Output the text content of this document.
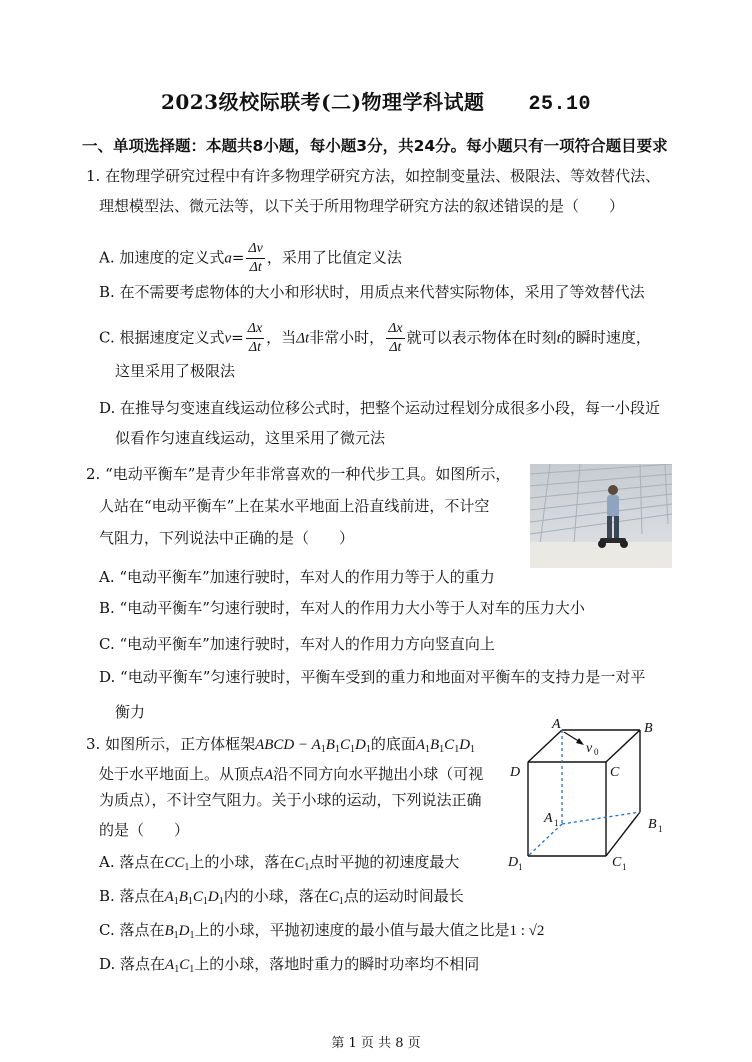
2023级校际联考(二)物理学科试题 25.10
一、单项选择题：本题共8小题，每小题3分，共24分。每小题只有一项符合题目要求
1. 在物理学研究过程中有许多物理学研究方法，如控制变量法、极限法、等效替代法、
理想模型法、微元法等，以下关于所用物理学研究方法的叙述错误的是（　　）
A. 加速度的定义式$a= \frac{\Delta v}{\Delta t}$ ，采用了比值定义法
B. 在不需要考虑物体的大小和形状时，用质点来代替实际物体，采用了等效替代法
C. 根据速度定义式$v= \frac{\Delta x}{\Delta t}$ ，当Δt非常小时， $\frac{\Delta x}{\Delta t}$ 就可以表示物体在时刻t的瞬时速度，
这里采用了极限法
D. 在推导匀变速直线运动位移公式时，把整个运动过程划分成很多小段，每一小段近
似看作匀速直线运动，这里采用了微元法
2. “电动平衡车”是青少年非常喜欢的一种代步工具。如图所示，
人站在“电动平衡车”上在某水平地面上沿直线前进，不计空
气阻力，下列说法中正确的是（　　）
A. “电动平衡车”加速行驶时，车对人的作用力等于人的重力
B. “电动平衡车”匀速行驶时，车对人的作用力大小等于人对车的压力大小
C. “电动平衡车”加速行驶时，车对人的作用力方向竖直向上
D. “电动平衡车”匀速行驶时，平衡车受到的重力和地面对平衡车的支持力是一对平
衡力
3. 如图所示，正方体框架ABCD − $A_1B_1C_1D_1$的底面$A_1B_1C_1D_1$
处于水平地面上。从顶点A沿不同方向水平抛出小球（可视
为质点），不计空气阻力。关于小球的运动，下列说法正确
的是（　　）
A. 落点在$CC_1$上的小球，落在$C_1$点时平抛的初速度最大
B. 落点在$A_1B_1C_1D_1$内的小球，落在$C_1$点的运动时间最长
C. 落点在$B_1D_1$上的小球，平抛初速度的最小值与最大值之比是1 : √2
D. 落点在$A_1C_1$上的小球，落地时重力的瞬时功率均不相同
A	B
C
D
A 1	B 1
C 1
D 1
v 0
第 1 页 共 8 页
